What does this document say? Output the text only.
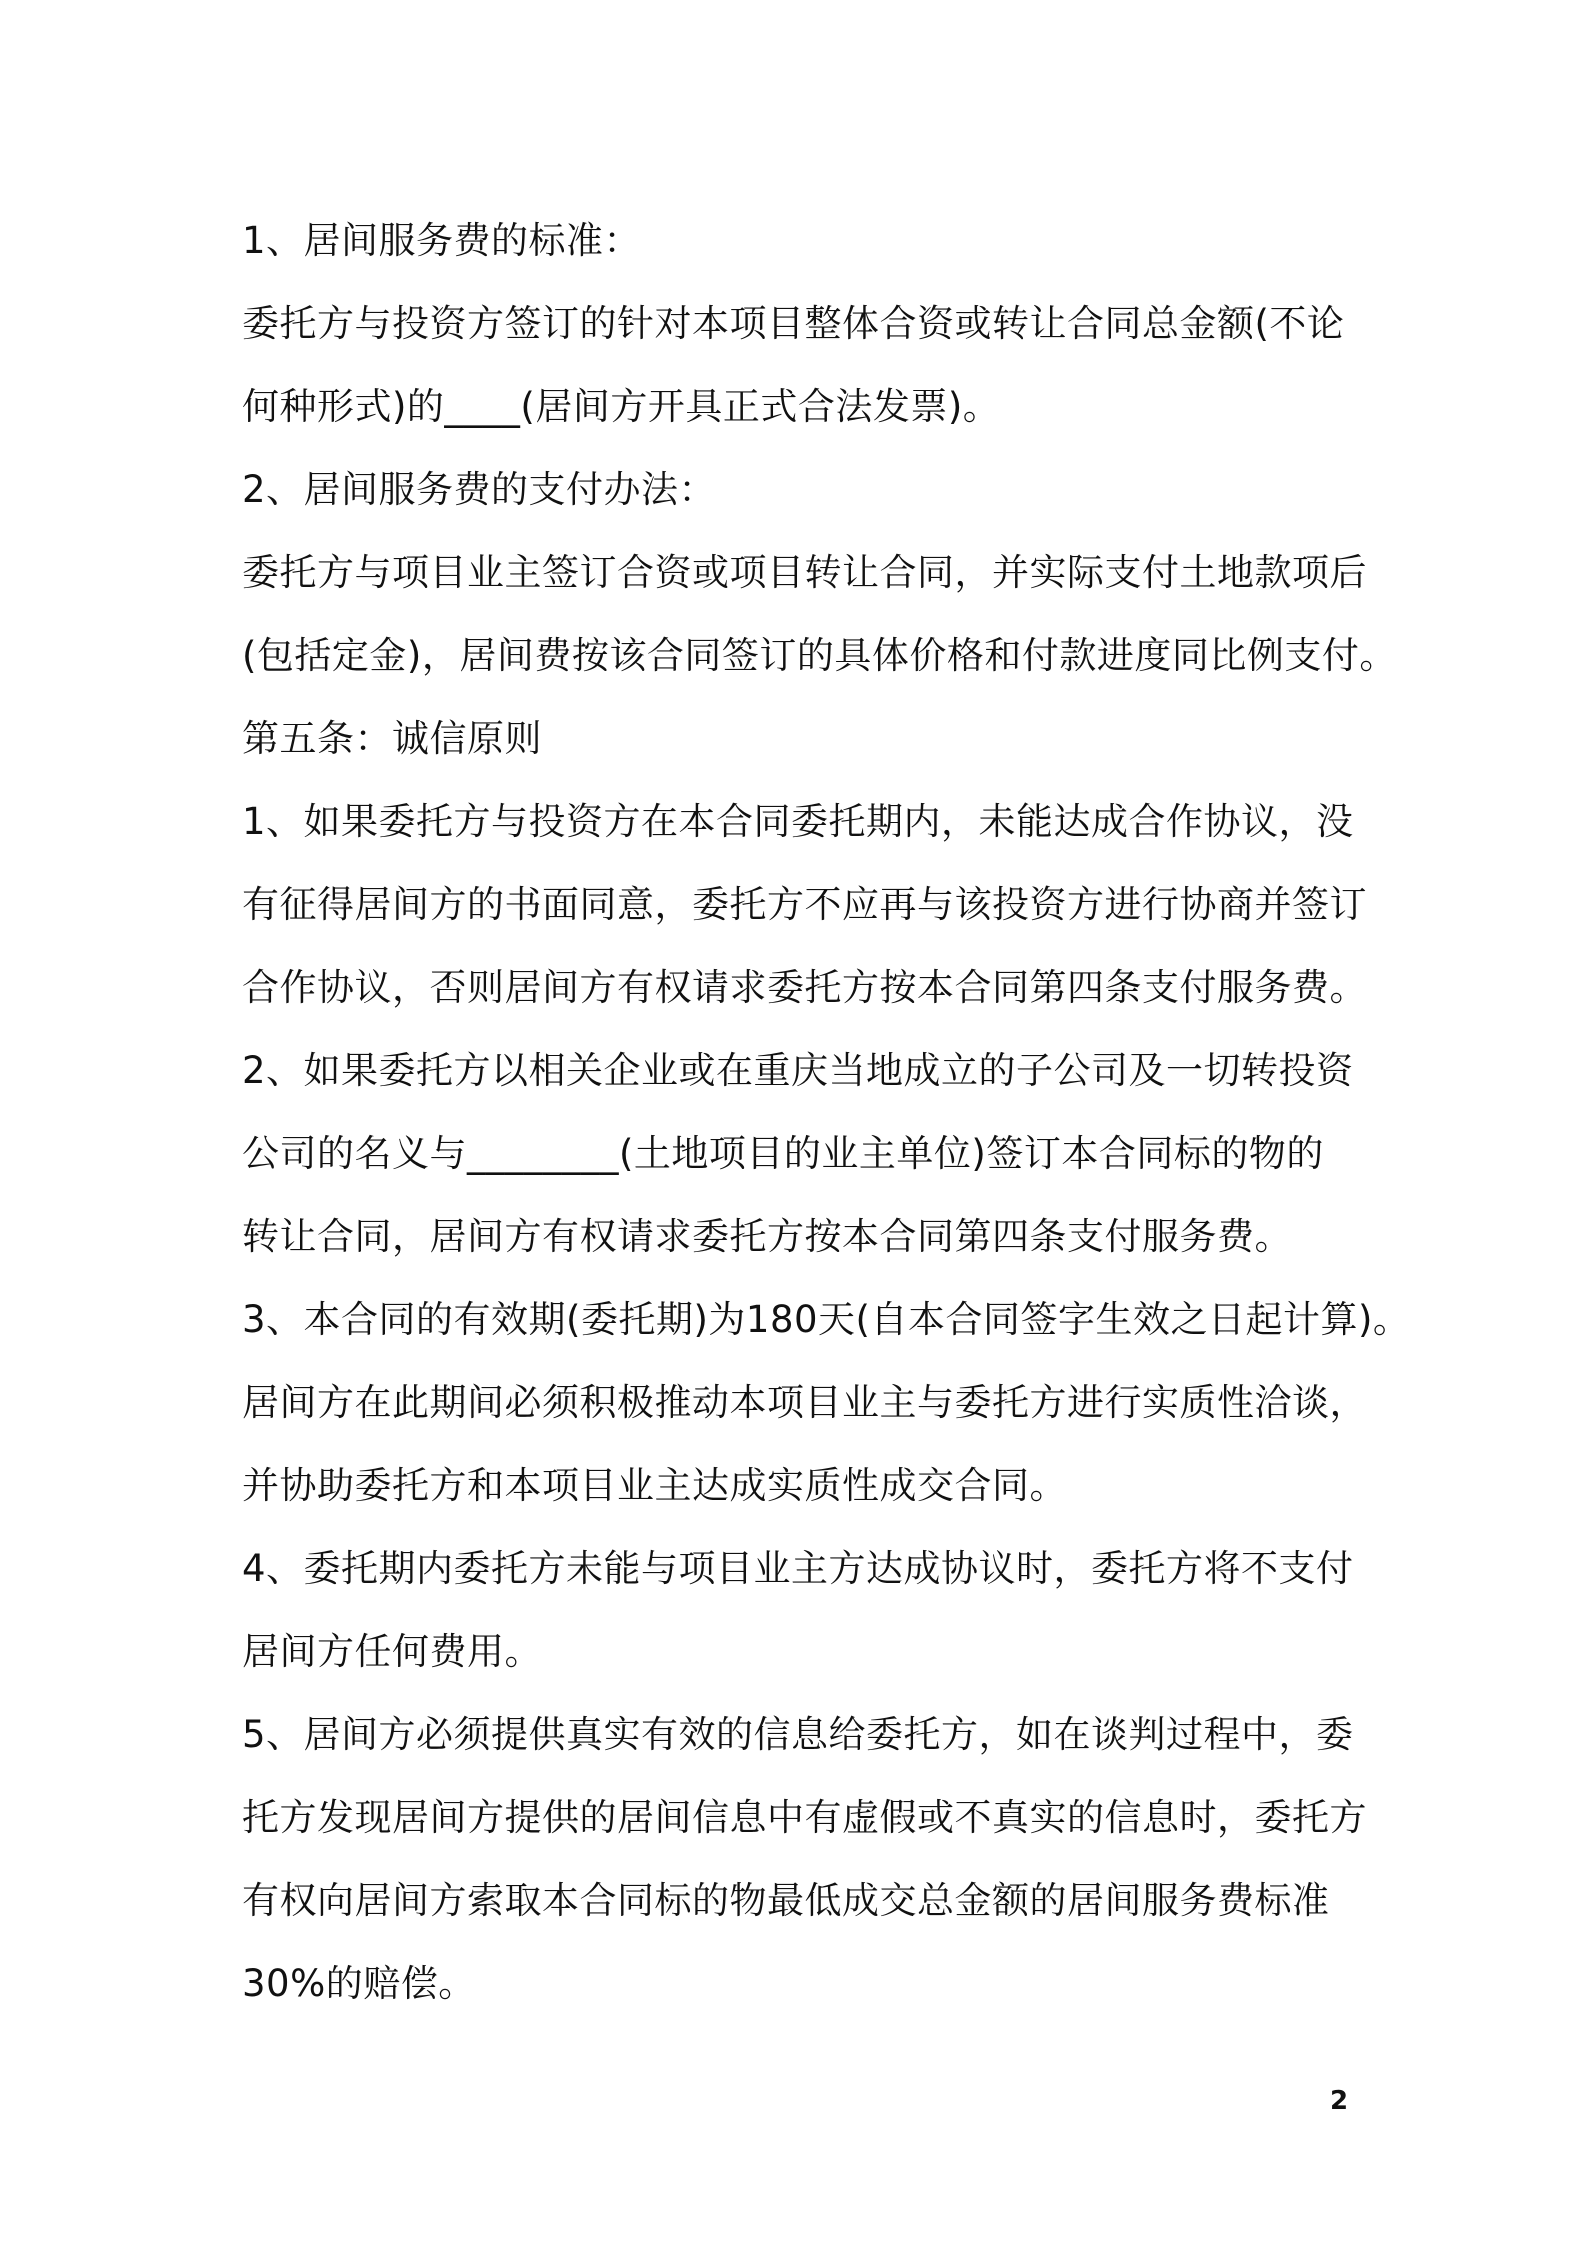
1、居间服务费的标准：
委托方与投资方签订的针对本项目整体合资或转让合同总金额(不论
何种形式)的____(居间方开具正式合法发票)。
2、居间服务费的支付办法：
委托方与项目业主签订合资或项目转让合同，并实际支付土地款项后
(包括定金)，居间费按该合同签订的具体价格和付款进度同比例支付。
第五条：诚信原则
1、如果委托方与投资方在本合同委托期内，未能达成合作协议，没
有征得居间方的书面同意，委托方不应再与该投资方进行协商并签订
合作协议，否则居间方有权请求委托方按本合同第四条支付服务费。
2、如果委托方以相关企业或在重庆当地成立的子公司及一切转投资
公司的名义与________(土地项目的业主单位)签订本合同标的物的
转让合同，居间方有权请求委托方按本合同第四条支付服务费。
3、本合同的有效期(委托期)为180天(自本合同签字生效之日起计算)。
居间方在此期间必须积极推动本项目业主与委托方进行实质性洽谈，
并协助委托方和本项目业主达成实质性成交合同。
4、委托期内委托方未能与项目业主方达成协议时，委托方将不支付
居间方任何费用。
5、居间方必须提供真实有效的信息给委托方，如在谈判过程中，委
托方发现居间方提供的居间信息中有虚假或不真实的信息时，委托方
有权向居间方索取本合同标的物最低成交总金额的居间服务费标准
30%的赔偿。
2
